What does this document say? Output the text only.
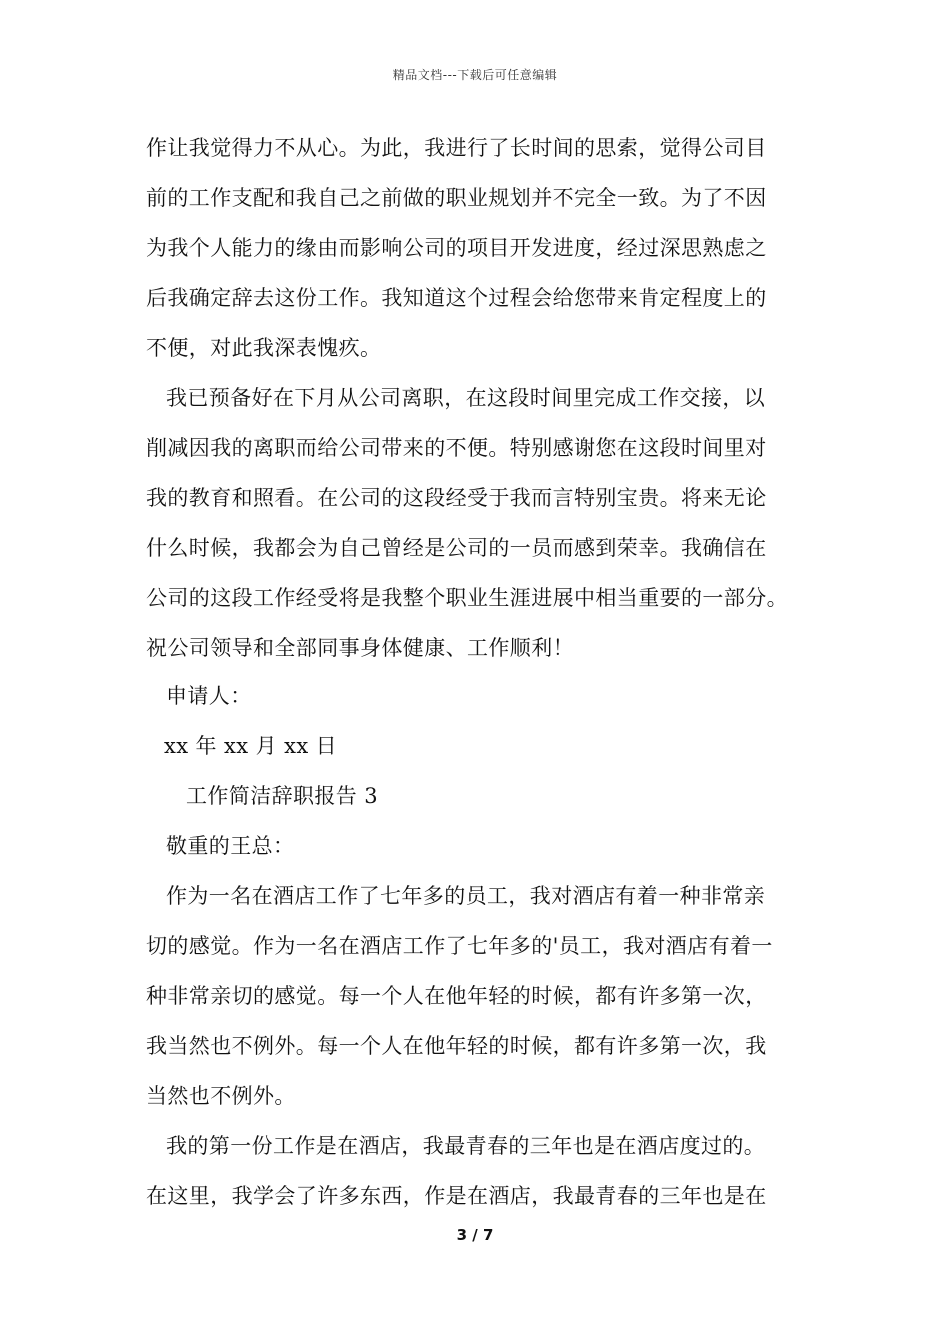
精品文档---下载后可任意编辑
作让我觉得力不从心。为此，我进行了长时间的思索，觉得公司目
前的工作支配和我自己之前做的职业规划并不完全一致。为了不因
为我个人能力的缘由而影响公司的项目开发进度，经过深思熟虑之
后我确定辞去这份工作。我知道这个过程会给您带来肯定程度上的
不便，对此我深表愧疚。
我已预备好在下月从公司离职，在这段时间里完成工作交接，以
削减因我的离职而给公司带来的不便。特别感谢您在这段时间里对
我的教育和照看。在公司的这段经受于我而言特别宝贵。将来无论
什么时候，我都会为自己曾经是公司的一员而感到荣幸。我确信在
公司的这段工作经受将是我整个职业生涯进展中相当重要的一部分。
祝公司领导和全部同事身体健康、工作顺利！
申请人：
xx 年 xx 月 xx 日
工作简洁辞职报告 3
敬重的王总：
作为一名在酒店工作了七年多的员工，我对酒店有着一种非常亲
切的感觉。作为一名在酒店工作了七年多的'员工，我对酒店有着一
种非常亲切的感觉。每一个人在他年轻的时候，都有许多第一次，
我当然也不例外。每一个人在他年轻的时候，都有许多第一次，我
当然也不例外。
我的第一份工作是在酒店，我最青春的三年也是在酒店度过的。
在这里，我学会了许多东西，作是在酒店，我最青春的三年也是在
3 / 7
